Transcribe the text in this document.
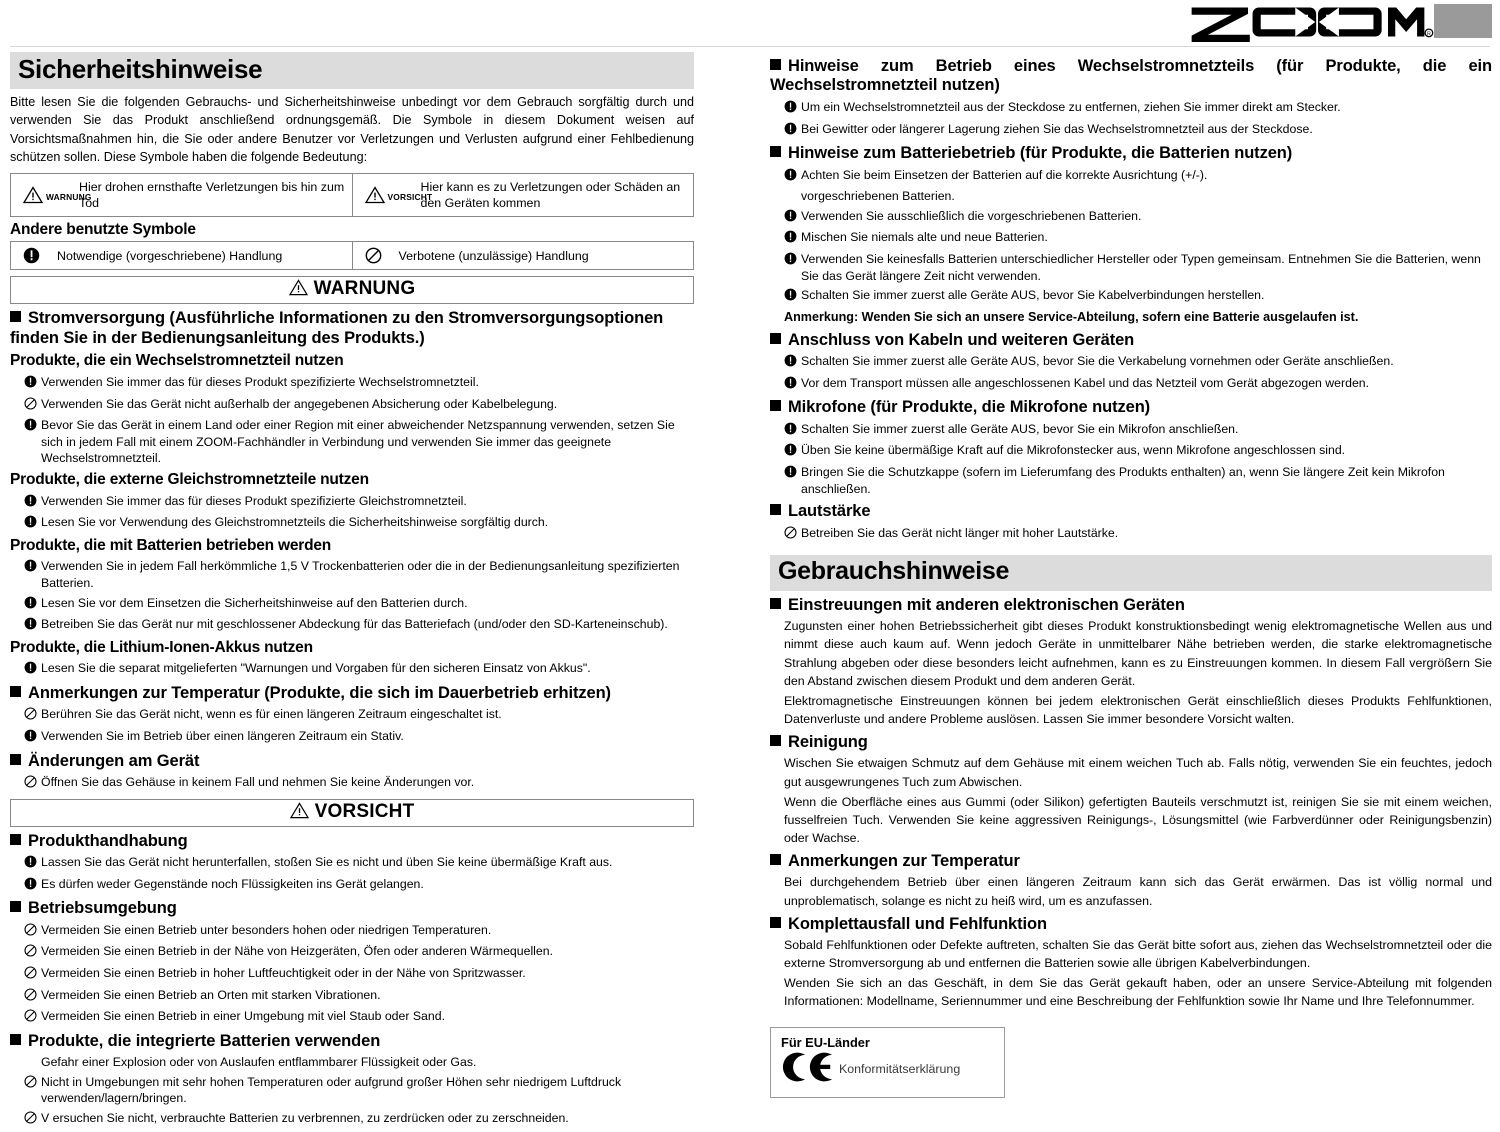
R
Sicherheitshinweise
Bitte lesen Sie die folgenden Gebrauchs- und Sicherheitshinweise unbedingt vor dem Gebrauch sorgfältig durch und verwenden Sie das Produkt anschließend ordnungsgemäß. Die Symbole in diesem Dokument weisen auf Vorsichtsmaßnahmen hin, die Sie oder andere Benutzer vor Verletzungen und Verlusten aufgrund einer Fehlbedienung schützen sollen. Diese Symbole haben die folgende Bedeutung:
WARNUNG
Hier drohen ernsthafte Verletzungen bis hin zum Tod	VORSICHT
Hier kann es zu Verletzungen oder Schäden an den Geräten kommen
Andere benutzte Symbole
Notwendige (vorgeschriebene) Handlung	Verbotene (unzulässige) Handlung
WARNUNG
Stromversorgung (Ausführliche Informationen zu den Stromversorgungsoptionen finden Sie in der Bedienungsanleitung des Produkts.)
Produkte, die ein Wechselstromnetzteil nutzen
Verwenden Sie immer das für dieses Produkt spezifizierte Wechselstromnetzteil.
Verwenden Sie das Gerät nicht außerhalb der angegebenen Absicherung oder Kabelbelegung.
Bevor Sie das Gerät in einem Land oder einer Region mit einer abweichender Netzspannung verwenden, setzen Sie sich in jedem Fall mit einem ZOOM-Fachhändler in Verbindung und verwenden Sie immer das geeignete Wechselstromnetzteil.
Produkte, die externe Gleichstromnetzteile nutzen
Verwenden Sie immer das für dieses Produkt spezifizierte Gleichstromnetzteil.
Lesen Sie vor Verwendung des Gleichstromnetzteils die Sicherheitshinweise sorgfältig durch.
Produkte, die mit Batterien betrieben werden
Verwenden Sie in jedem Fall herkömmliche 1,5 V Trockenbatterien oder die in der Bedienungsanleitung spezifizierten Batterien.
Lesen Sie vor dem Einsetzen die Sicherheitshinweise auf den Batterien durch.
Betreiben Sie das Gerät nur mit geschlossener Abdeckung für das Batteriefach (und/oder den SD-Karteneinschub).
Produkte, die Lithium-Ionen-Akkus nutzen
Lesen Sie die separat mitgelieferten "Warnungen und Vorgaben für den sicheren Einsatz von Akkus".
Anmerkungen zur Temperatur (Produkte, die sich im Dauerbetrieb erhitzen)
Berühren Sie das Gerät nicht, wenn es für einen längeren Zeitraum eingeschaltet ist.
Verwenden Sie im Betrieb über einen längeren Zeitraum ein Stativ.
Änderungen am Gerät
Öffnen Sie das Gehäuse in keinem Fall und nehmen Sie keine Änderungen vor.
VORSICHT
Produkthandhabung
Lassen Sie das Gerät nicht herunterfallen, stoßen Sie es nicht und üben Sie keine übermäßige Kraft aus.
Es dürfen weder Gegenstände noch Flüssigkeiten ins Gerät gelangen.
Betriebsumgebung
Vermeiden Sie einen Betrieb unter besonders hohen oder niedrigen Temperaturen.
Vermeiden Sie einen Betrieb in der Nähe von Heizgeräten, Öfen oder anderen Wärmequellen.
Vermeiden Sie einen Betrieb in hoher Luftfeuchtigkeit oder in der Nähe von Spritzwasser.
Vermeiden Sie einen Betrieb an Orten mit starken Vibrationen.
Vermeiden Sie einen Betrieb in einer Umgebung mit viel Staub oder Sand.
Produkte, die integrierte Batterien verwenden
Gefahr einer Explosion oder von Auslaufen entflammbarer Flüssigkeit oder Gas.
Nicht in Umgebungen mit sehr hohen Temperaturen oder aufgrund großer Höhen sehr niedrigem Luftdruck verwenden/lagern/bringen.
V ersuchen Sie nicht, verbrauchte Batterien zu verbrennen, zu zerdrücken oder zu zerschneiden.
Hinweise zum Betrieb eines Wechselstromnetzteils (für Produkte, die ein Wechselstromnetzteil nutzen)
Um ein Wechselstromnetzteil aus der Steckdose zu entfernen, ziehen Sie immer direkt am Stecker.
Bei Gewitter oder längerer Lagerung ziehen Sie das Wechselstromnetzteil aus der Steckdose.
Hinweise zum Batteriebetrieb (für Produkte, die Batterien nutzen)
Achten Sie beim Einsetzen der Batterien auf die korrekte Ausrichtung (+/-).
vorgeschriebenen Batterien.
Verwenden Sie ausschließlich die vorgeschriebenen Batterien.
Mischen Sie niemals alte und neue Batterien.
Verwenden Sie keinesfalls Batterien unterschiedlicher Hersteller oder Typen gemeinsam. Entnehmen Sie die Batterien, wenn Sie das Gerät längere Zeit nicht verwenden.
Schalten Sie immer zuerst alle Geräte AUS, bevor Sie Kabelverbindungen herstellen.
Anmerkung: Wenden Sie sich an unsere Service-Abteilung, sofern eine Batterie ausgelaufen ist.
Anschluss von Kabeln und weiteren Geräten
Schalten Sie immer zuerst alle Geräte AUS, bevor Sie die Verkabelung vornehmen oder Geräte anschließen.
Vor dem Transport müssen alle angeschlossenen Kabel und das Netzteil vom Gerät abgezogen werden.
Mikrofone (für Produkte, die Mikrofone nutzen)
Schalten Sie immer zuerst alle Geräte AUS, bevor Sie ein Mikrofon anschließen.
Üben Sie keine übermäßige Kraft auf die Mikrofonstecker aus, wenn Mikrofone angeschlossen sind.
Bringen Sie die Schutzkappe (sofern im Lieferumfang des Produkts enthalten) an, wenn Sie längere Zeit kein Mikrofon anschließen.
Lautstärke
Betreiben Sie das Gerät nicht länger mit hoher Lautstärke.
Gebrauchshinweise
Einstreuungen mit anderen elektronischen Geräten
Zugunsten einer hohen Betriebssicherheit gibt dieses Produkt konstruktionsbedingt wenig elektromagnetische Wellen aus und nimmt diese auch kaum auf. Wenn jedoch Geräte in unmittelbarer Nähe betrieben werden, die starke elektromagnetische Strahlung abgeben oder diese besonders leicht aufnehmen, kann es zu Einstreuungen kommen. In diesem Fall vergrößern Sie den Abstand zwischen diesem Produkt und dem anderen Gerät.
Elektromagnetische Einstreuungen können bei jedem elektronischen Gerät einschließlich dieses Produkts Fehlfunktionen, Datenverluste und andere Probleme auslösen. Lassen Sie immer besondere Vorsicht walten.
Reinigung
Wischen Sie etwaigen Schmutz auf dem Gehäuse mit einem weichen Tuch ab. Falls nötig, verwenden Sie ein feuchtes, jedoch gut ausgewrungenes Tuch zum Abwischen.
Wenn die Oberfläche eines aus Gummi (oder Silikon) gefertigten Bauteils verschmutzt ist, reinigen Sie sie mit einem weichen, fusselfreien Tuch. Verwenden Sie keine aggressiven Reinigungs-, Lösungsmittel (wie Farbverdünner oder Reinigungsbenzin) oder Wachse.
Anmerkungen zur Temperatur
Bei durchgehendem Betrieb über einen längeren Zeitraum kann sich das Gerät erwärmen. Das ist völlig normal und unproblematisch, solange es nicht zu heiß wird, um es anzufassen.
Komplettausfall und Fehlfunktion
Sobald Fehlfunktionen oder Defekte auftreten, schalten Sie das Gerät bitte sofort aus, ziehen das Wechselstromnetzteil oder die externe Stromversorgung ab und entfernen die Batterien sowie alle übrigen Kabelverbindungen.
Wenden Sie sich an das Geschäft, in dem Sie das Gerät gekauft haben, oder an unsere Service-Abteilung mit folgenden Informationen: Modellname, Seriennummer und eine Beschreibung der Fehlfunktion sowie Ihr Name und Ihre Telefonnummer.
Für EU-Länder
Konformitätserklärung
